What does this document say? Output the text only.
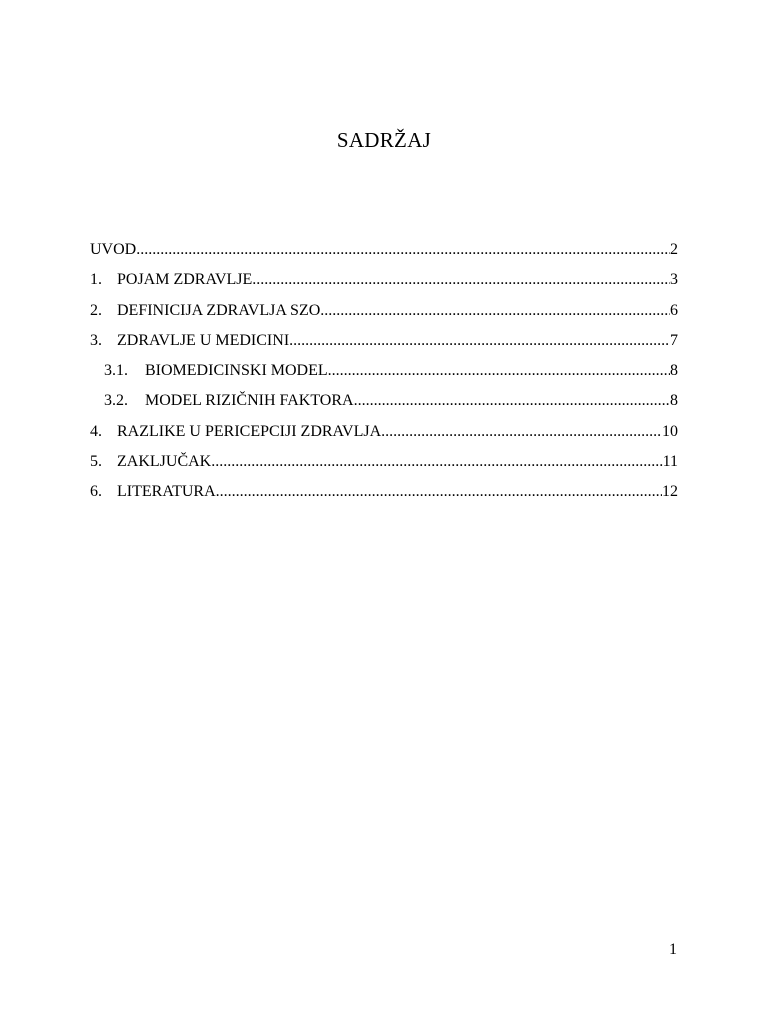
SADRŽAJ
UVOD .....	2
1. POJAM ZDRAVLJE .....	3
2. DEFINICIJA ZDRAVLJA SZO .....	6
3. ZDRAVLJE U MEDICINI .....	7
3.1.	BIOMEDICINSKI MODEL .....	8
3.2.	MODEL RIZIČNIH FAKTORA .....	8
4. RAZLIKE U PERICEPCIJI ZDRAVLJA .....	10
5. ZAKLJUČAK .....	11
6. LITERATURA .....	12
1
